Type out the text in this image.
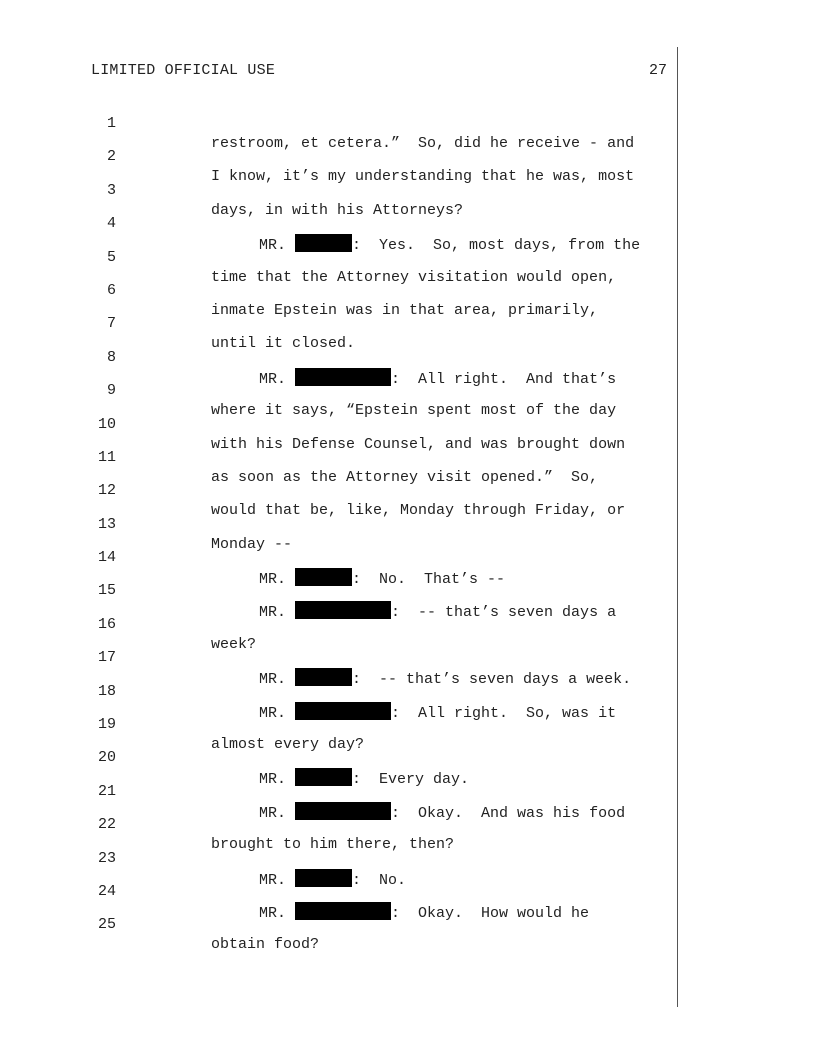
LIMITED OFFICIAL USE	27

1

restroom, et cetera.”  So, did he receive - and

2

I know, it’s my understanding that he was, most

3

days, in with his Attorneys?

4

MR.	:  Yes.  So, most days, from the

5

time that the Attorney visitation would open,

6

inmate Epstein was in that area, primarily,

7

until it closed.

8

MR.	:  All right.  And that’s

9

where it says, “Epstein spent most of the day

10

with his Defense Counsel, and was brought down

11

as soon as the Attorney visit opened.”  So,

12

would that be, like, Monday through Friday, or

13

Monday --

14

MR.	:  No.  That’s --

15

MR.	:  -- that’s seven days a

16

week?

17

MR.	:  -- that’s seven days a week.

18

MR.	:  All right.  So, was it

19

almost every day?

20

MR.	:  Every day.

21

MR.	:  Okay.  And was his food

22

brought to him there, then?

23

MR.	:  No.

24

MR.	:  Okay.  How would he

25

obtain food?
